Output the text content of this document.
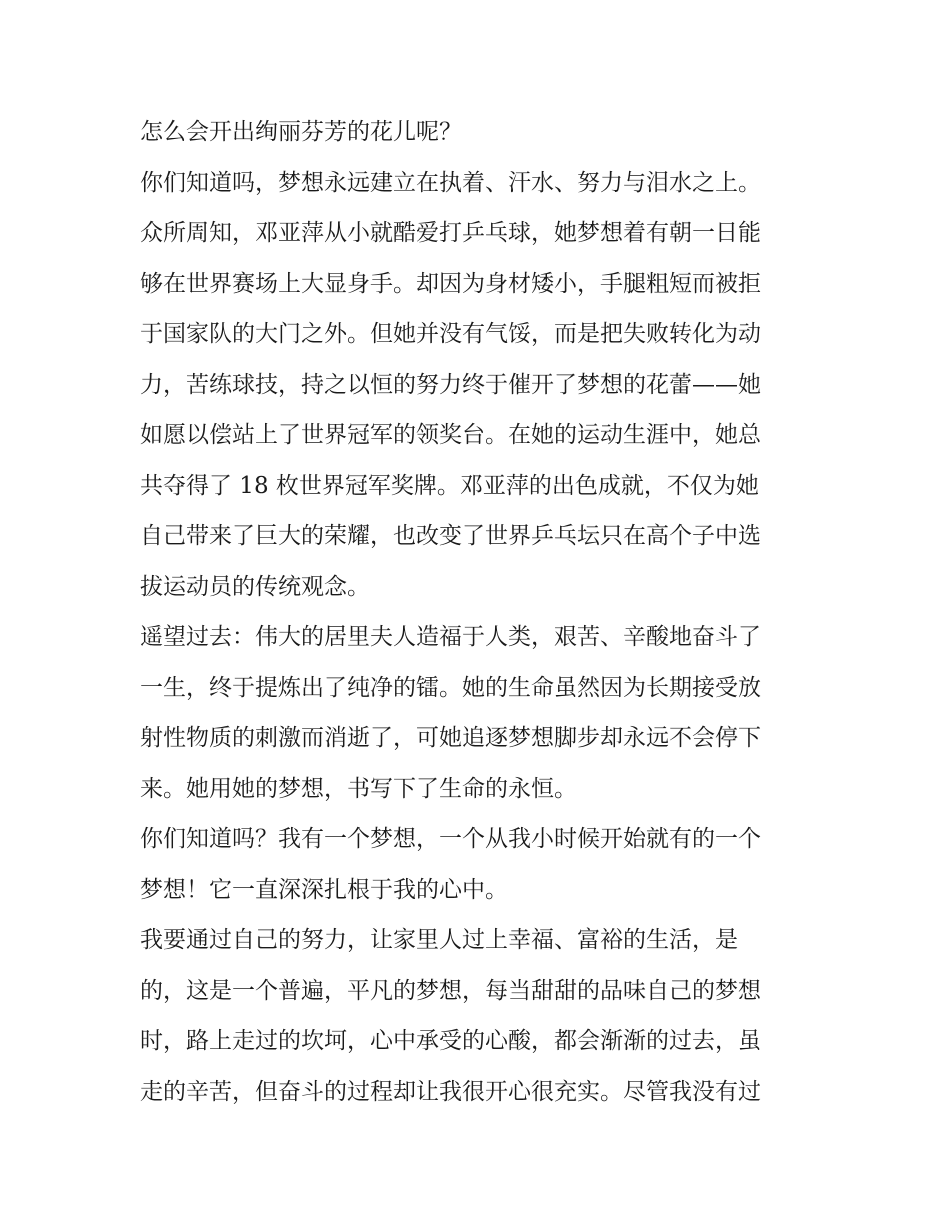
怎么会开出绚丽芬芳的花儿呢？
你们知道吗，梦想永远建立在执着、汗水、努力与泪水之上。
众所周知，邓亚萍从小就酷爱打乒乓球，她梦想着有朝一日能
够在世界赛场上大显身手。却因为身材矮小，手腿粗短而被拒
于国家队的大门之外。但她并没有气馁，而是把失败转化为动
力，苦练球技，持之以恒的努力终于催开了梦想的花蕾——她
如愿以偿站上了世界冠军的领奖台。在她的运动生涯中，她总
共夺得了 18 枚世界冠军奖牌。邓亚萍的出色成就，不仅为她
自己带来了巨大的荣耀，也改变了世界乒乓坛只在高个子中选
拔运动员的传统观念。
遥望过去：伟大的居里夫人造福于人类，艰苦、辛酸地奋斗了
一生，终于提炼出了纯净的镭。她的生命虽然因为长期接受放
射性物质的刺激而消逝了，可她追逐梦想脚步却永远不会停下
来。她用她的梦想，书写下了生命的永恒。
你们知道吗？我有一个梦想，一个从我小时候开始就有的一个
梦想！它一直深深扎根于我的心中。
我要通过自己的努力，让家里人过上幸福、富裕的生活，是
的，这是一个普遍，平凡的梦想，每当甜甜的品味自己的梦想
时，路上走过的坎坷，心中承受的心酸，都会渐渐的过去，虽
走的辛苦，但奋斗的过程却让我很开心很充实。尽管我没有过
